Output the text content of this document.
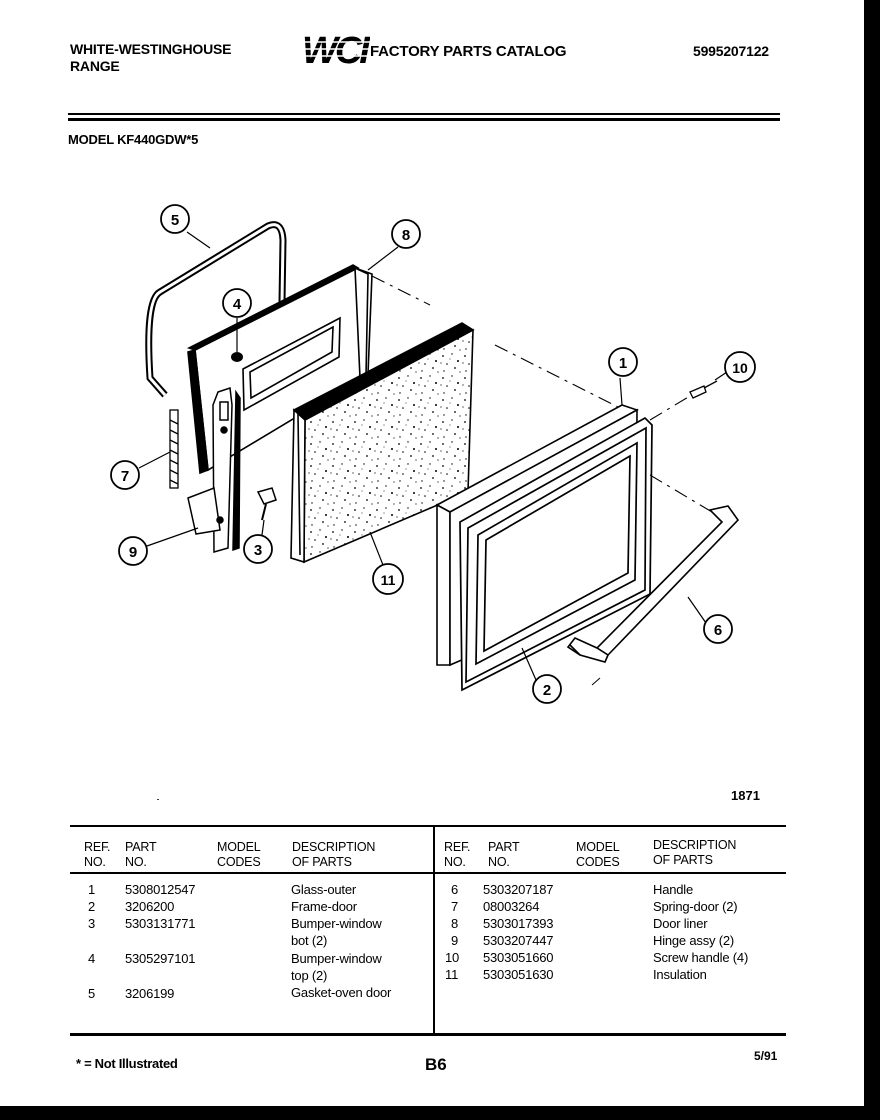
WHITE-WESTINGHOUSE
RANGE	WCI FACTORY PARTS CATALOG	5995207122
MODEL KF440GDW*5
5
8
4
1	10
7
9	3
11
6
2
1871
REF.
NO.
PART
NO.
MODEL
CODES
DESCRIPTION
OF PARTS
REF.
NO.
PART
NO.
MODEL
CODES
DESCRIPTION
OF PARTS
1 5308012547	Glass-outer
2 3206200	Frame-door
3 5303131771	Bumper-window
bot (2)
4 5305297101	Bumper-window
top (2)
5 3206199	Gasket-oven door
6 5303207187	Handle
7 08003264	Spring-door (2)
8 5303017393	Door liner
9 5303207447	Hinge assy (2)
10 5303051660	Screw handle (4)
11 5303051630	Insulation
* = Not Illustrated	B6	5/91
